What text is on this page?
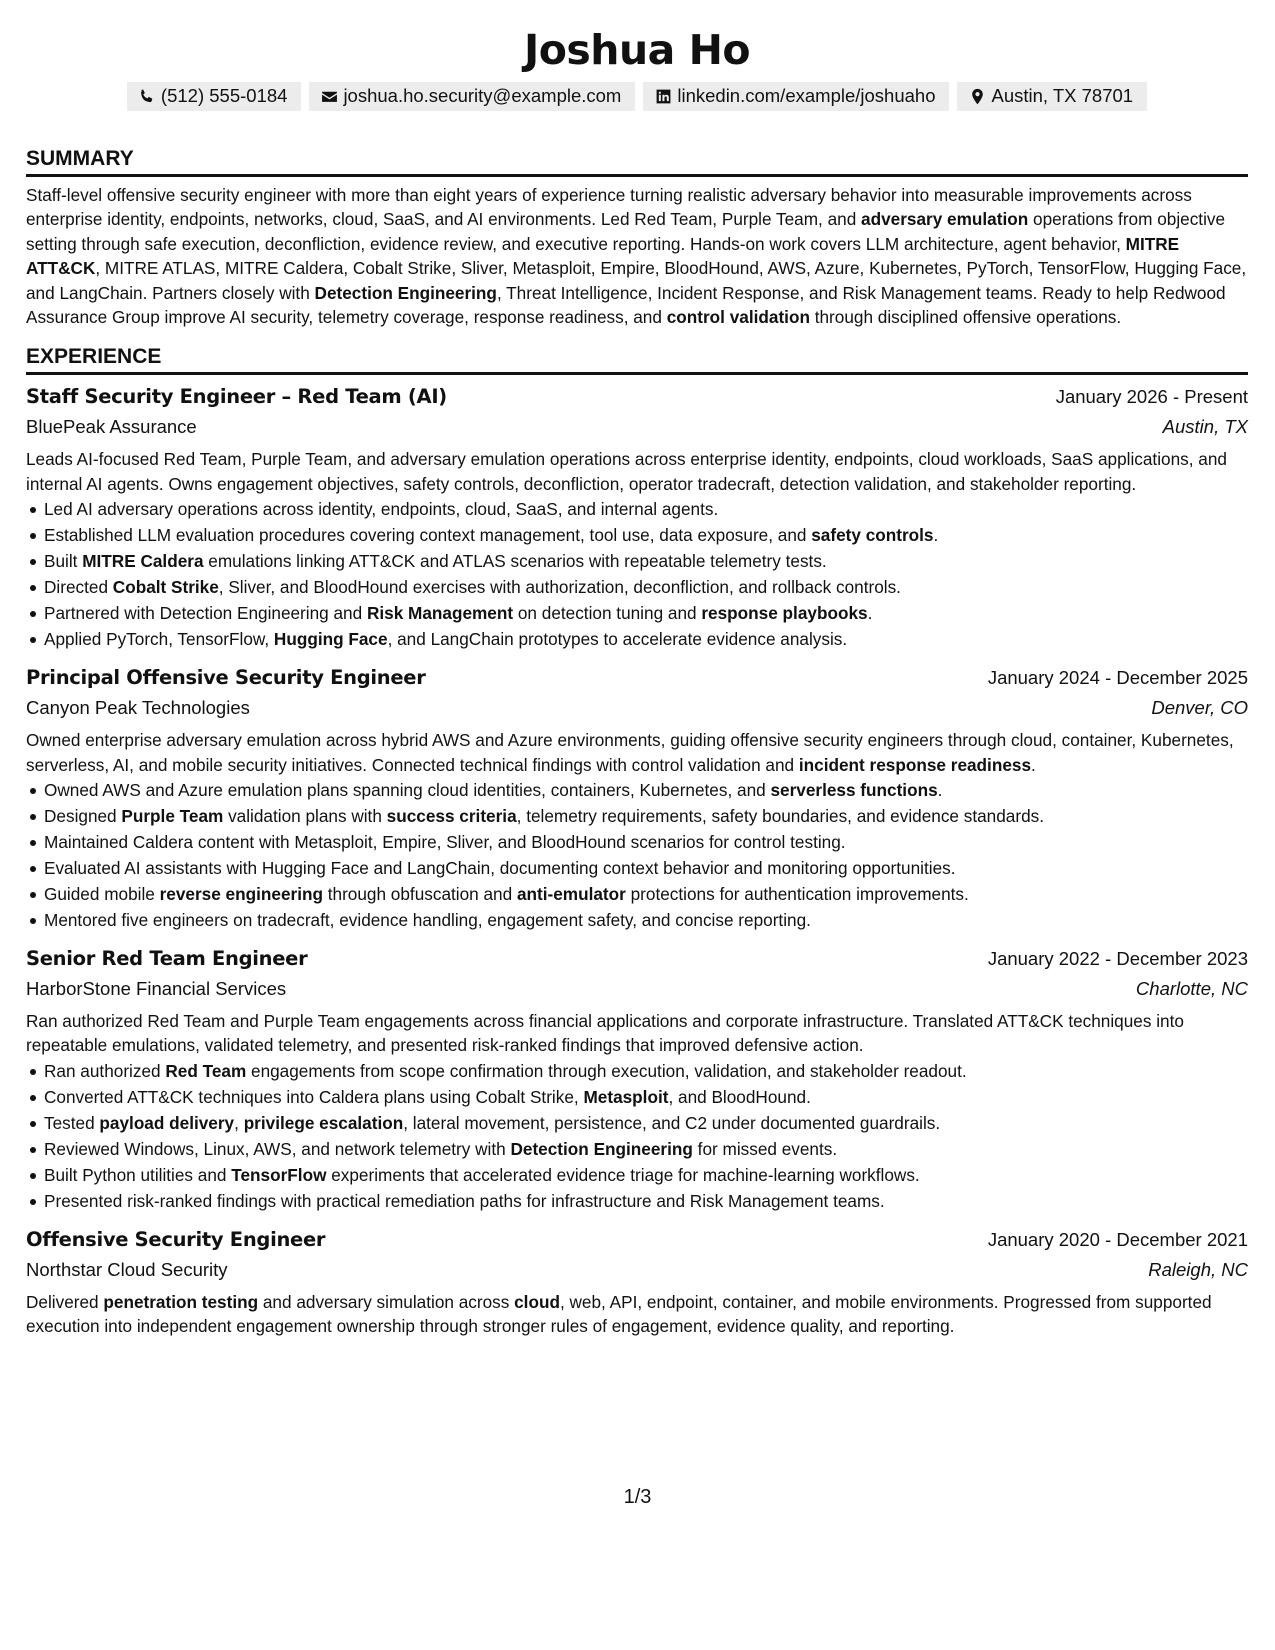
Joshua Ho
(512) 555-0184	joshua.ho.security@example.com	linkedin.com/example/joshuaho	Austin, TX 78701
SUMMARY

Staff-level offensive security engineer with more than eight years of experience turning realistic adversary behavior into measurable improvements across enterprise identity, endpoints, networks, cloud, SaaS, and AI environments. Led Red Team, Purple Team, and adversary emulation operations from objective setting through safe execution, deconfliction, evidence review, and executive reporting. Hands-on work covers LLM architecture, agent behavior, MITRE ATT&CK, MITRE ATLAS, MITRE Caldera, Cobalt Strike, Sliver, Metasploit, Empire, BloodHound, AWS, Azure, Kubernetes, PyTorch, TensorFlow, Hugging Face, and LangChain. Partners closely with Detection Engineering, Threat Intelligence, Incident Response, and Risk Management teams. Ready to help Redwood Assurance Group improve AI security, telemetry coverage, response readiness, and control validation through disciplined offensive operations.

EXPERIENCE
Staff Security Engineer – Red Team (AI)	January 2026 - Present
BluePeak Assurance	Austin, TX

Leads AI-focused Red Team, Purple Team, and adversary emulation operations across enterprise identity, endpoints, cloud workloads, SaaS applications, and internal AI agents. Owns engagement objectives, safety controls, deconfliction, operator tradecraft, detection validation, and stakeholder reporting.

Led AI adversary operations across identity, endpoints, cloud, SaaS, and internal agents.
Established LLM evaluation procedures covering context management, tool use, data exposure, and safety controls.
Built MITRE Caldera emulations linking ATT&CK and ATLAS scenarios with repeatable telemetry tests.
Directed Cobalt Strike, Sliver, and BloodHound exercises with authorization, deconfliction, and rollback controls.
Partnered with Detection Engineering and Risk Management on detection tuning and response playbooks.
Applied PyTorch, TensorFlow, Hugging Face, and LangChain prototypes to accelerate evidence analysis.
Principal Offensive Security Engineer	January 2024 - December 2025
Canyon Peak Technologies	Denver, CO

Owned enterprise adversary emulation across hybrid AWS and Azure environments, guiding offensive security engineers through cloud, container, Kubernetes, serverless, AI, and mobile security initiatives. Connected technical findings with control validation and incident response readiness.

Owned AWS and Azure emulation plans spanning cloud identities, containers, Kubernetes, and serverless functions.
Designed Purple Team validation plans with success criteria, telemetry requirements, safety boundaries, and evidence standards.
Maintained Caldera content with Metasploit, Empire, Sliver, and BloodHound scenarios for control testing.
Evaluated AI assistants with Hugging Face and LangChain, documenting context behavior and monitoring opportunities.
Guided mobile reverse engineering through obfuscation and anti-emulator protections for authentication improvements.
Mentored five engineers on tradecraft, evidence handling, engagement safety, and concise reporting.
Senior Red Team Engineer	January 2022 - December 2023
HarborStone Financial Services	Charlotte, NC

Ran authorized Red Team and Purple Team engagements across financial applications and corporate infrastructure. Translated ATT&CK techniques into repeatable emulations, validated telemetry, and presented risk-ranked findings that improved defensive action.

Ran authorized Red Team engagements from scope confirmation through execution, validation, and stakeholder readout.
Converted ATT&CK techniques into Caldera plans using Cobalt Strike, Metasploit, and BloodHound.
Tested payload delivery, privilege escalation, lateral movement, persistence, and C2 under documented guardrails.
Reviewed Windows, Linux, AWS, and network telemetry with Detection Engineering for missed events.
Built Python utilities and TensorFlow experiments that accelerated evidence triage for machine-learning workflows.
Presented risk-ranked findings with practical remediation paths for infrastructure and Risk Management teams.
Offensive Security Engineer	January 2020 - December 2021
Northstar Cloud Security	Raleigh, NC

Delivered penetration testing and adversary simulation across cloud, web, API, endpoint, container, and mobile environments. Progressed from supported execution into independent engagement ownership through stronger rules of engagement, evidence quality, and reporting.

1/3
